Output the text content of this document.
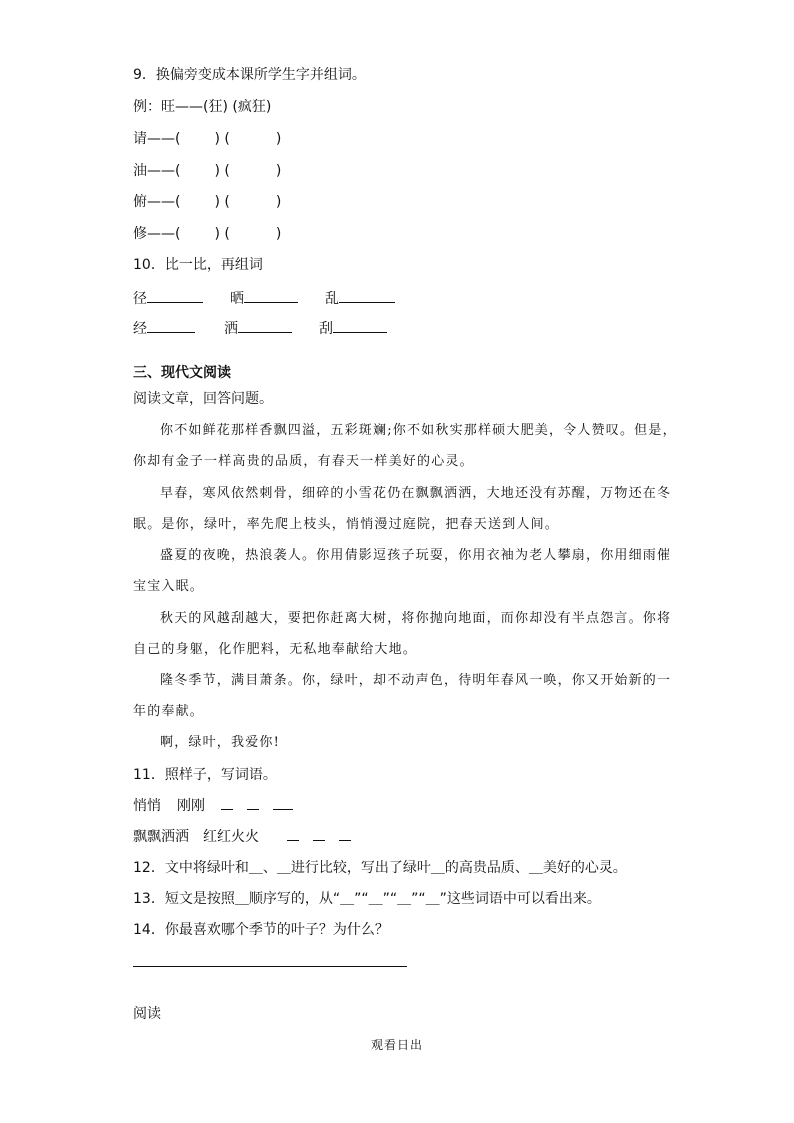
9．换偏旁变成本课所学生字并组词。
例：旺——(狂) (疯狂)
请——( ) (	)
油——( ) (	)
俯——( ) (	)
修——( ) (	)
10．比一比，再组词
径	晒	乱
经	洒	刮
三、现代文阅读
阅读文章，回答问题。
你不如鲜花那样香飘四溢，五彩斑斓;你不如秋实那样硕大肥美，令人赞叹。但是，
你却有金子一样高贵的品质，有春天一样美好的心灵。
早春，寒风依然刺骨，细碎的小雪花仍在飘飘洒洒，大地还没有苏醒，万物还在冬
眠。是你，绿叶，率先爬上枝头，悄悄漫过庭院，把春天送到人间。
盛夏的夜晚，热浪袭人。你用倩影逗孩子玩耍，你用衣袖为老人攀扇，你用细雨催
宝宝入眠。
秋天的风越刮越大，要把你赶离大树，将你抛向地面，而你却没有半点怨言。你将
自己的身躯，化作肥料，无私地奉献给大地。
隆冬季节，满目萧条。你，绿叶，却不动声色，待明年春风一唤，你又开始新的一
年的奉献。
啊，绿叶，我爱你!
11．照样子，写词语。
悄悄 刚刚
飘飘洒洒 红红火火
12．文中将绿叶和＿、＿进行比较，写出了绿叶＿的高贵品质、＿美好的心灵。
13．短文是按照＿顺序写的，从“＿”“＿”“＿”“＿”这些词语中可以看出来。
14．你最喜欢哪个季节的叶子？为什么？
阅读
观看日出
